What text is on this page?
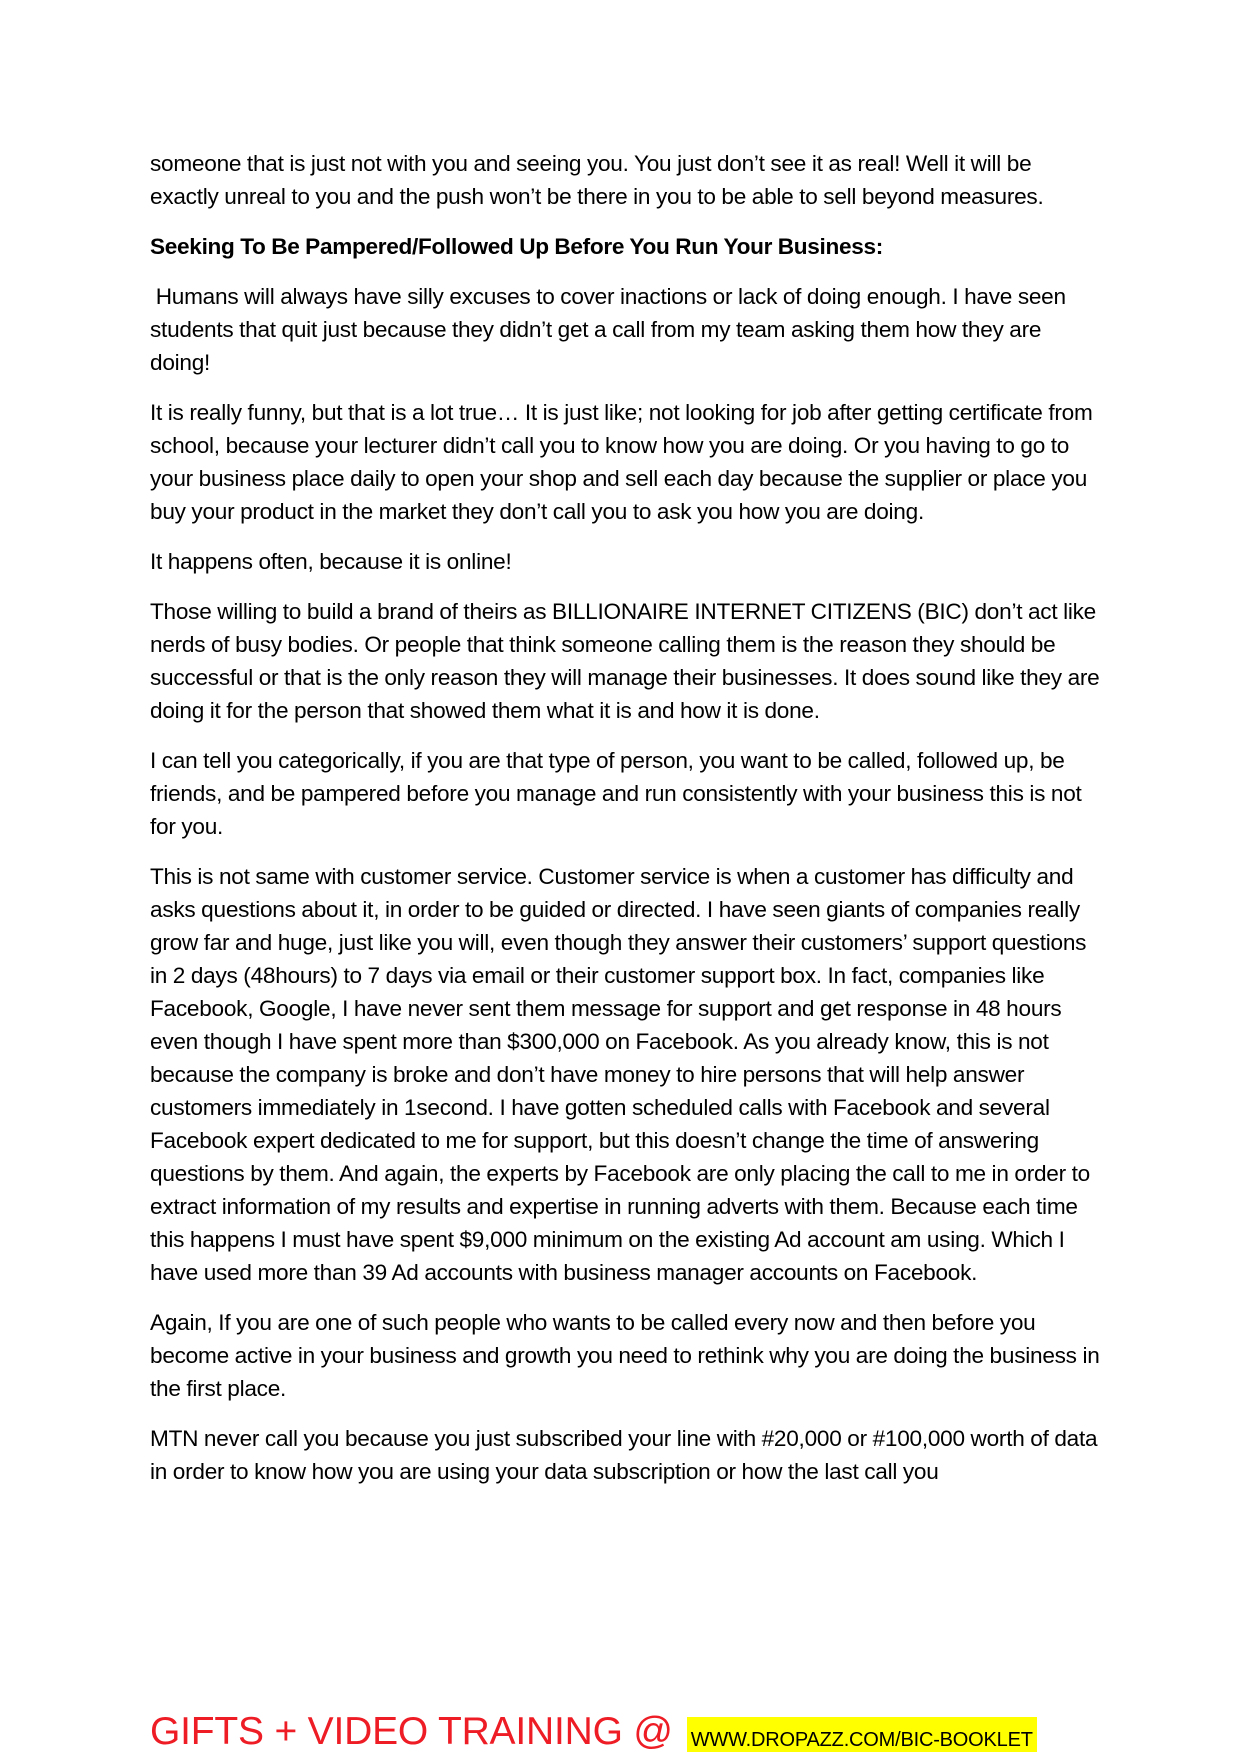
someone that is just not with you and seeing you. You just don’t see it as real! Well it will be exactly unreal to you and the push won’t be there in you to be able to sell beyond measures.

Seeking To Be Pampered/Followed Up Before You Run Your Business:

Humans will always have silly excuses to cover inactions or lack of doing enough. I have seen students that quit just because they didn’t get a call from my team asking them how they are doing!

It is really funny, but that is a lot true… It is just like; not looking for job after getting certificate from school, because your lecturer didn’t call you to know how you are doing. Or you having to go to your business place daily to open your shop and sell each day because the supplier or place you buy your product in the market they don’t call you to ask you how you are doing.

It happens often, because it is online!

Those willing to build a brand of theirs as BILLIONAIRE INTERNET CITIZENS (BIC) don’t act like nerds of busy bodies. Or people that think someone calling them is the reason they should be successful or that is the only reason they will manage their businesses. It does sound like they are doing it for the person that showed them what it is and how it is done.

I can tell you categorically, if you are that type of person, you want to be called, followed up, be friends, and be pampered before you manage and run consistently with your business this is not for you.

This is not same with customer service. Customer service is when a customer has difficulty and asks questions about it, in order to be guided or directed. I have seen giants of companies really grow far and huge, just like you will, even though they answer their customers’ support questions in 2 days (48hours) to 7 days via email or their customer support box. In fact, companies like Facebook, Google, I have never sent them message for support and get response in 48 hours even though I have spent more than $300,000 on Facebook. As you already know, this is not because the company is broke and don’t have money to hire persons that will help answer customers immediately in 1second. I have gotten scheduled calls with Facebook and several Facebook expert dedicated to me for support, but this doesn’t change the time of answering questions by them. And again, the experts by Facebook are only placing the call to me in order to extract information of my results and expertise in running adverts with them. Because each time this happens I must have spent $9,000 minimum on the existing Ad account am using. Which I have used more than 39 Ad accounts with business manager accounts on Facebook.

Again, If you are one of such people who wants to be called every now and then before you become active in your business and growth you need to rethink why you are doing the business in the first place.

MTN never call you because you just subscribed your line with #20,000 or #100,000 worth of data in order to know how you are using your data subscription or how the last call you

GIFTS + VIDEO TRAINING @ WWW.DROPAZZ.COM/BIC-BOOKLET
